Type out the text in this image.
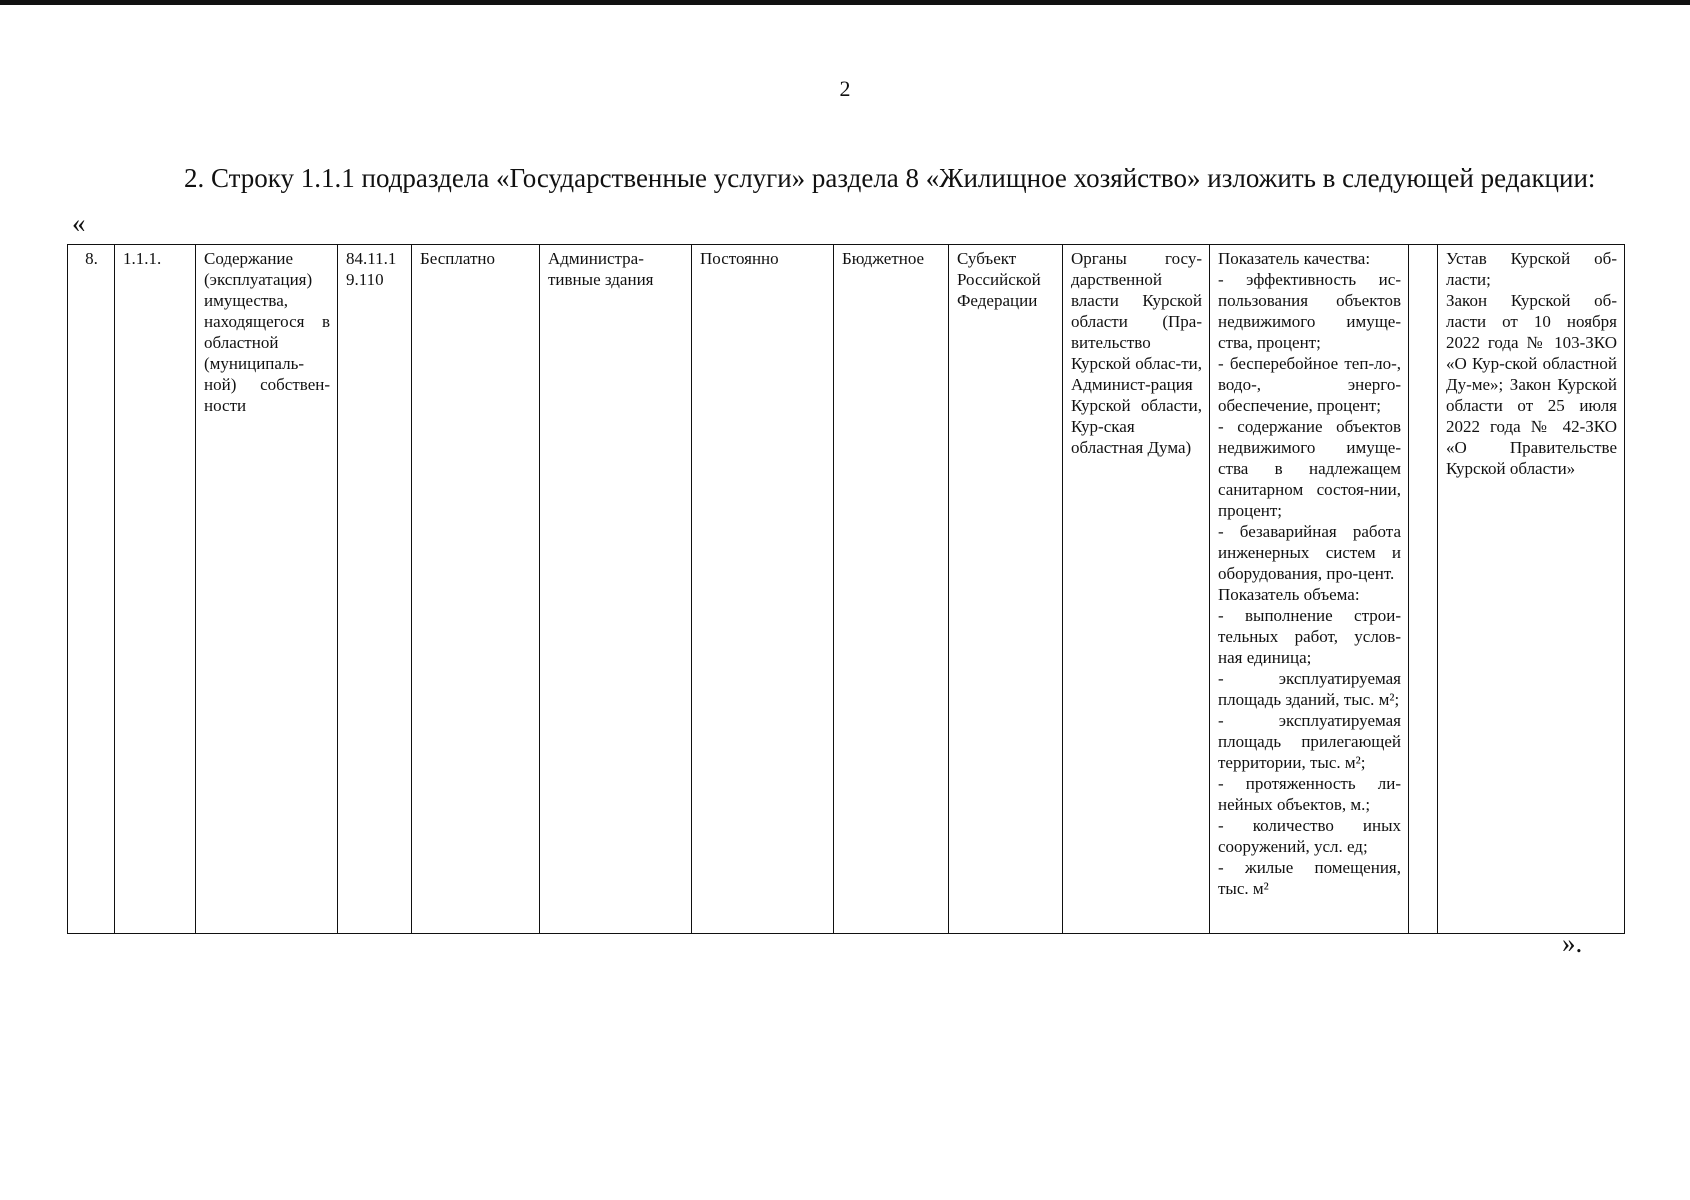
2

2. Строку 1.1.1 подраздела «Государственные услуги» раздела 8 «Жилищное хозяйство» изложить в следующей редакции:

«
8.	1.1.1.	Содержание (эксплуатация) имущества, находящегося в областной (муниципаль-ной) собствен-ности	84.11.1 9.110	Бесплатно	Администра-тивные здания	Постоянно	Бюджетное	Субъект Российской Федерации	Органы госу-дарственной власти Курской области (Пра-вительство Курской облас-ти, Админист-рация Курской области, Кур-ская областная Дума)	Показатель качества:
- эффективность ис-пользования объектов недвижимого имуще-ства, процент;
- бесперебойное теп-ло-, водо-, энерго-обеспечение, процент;
- содержание объектов недвижимого имуще-ства в надлежащем санитарном состоя-нии, процент;
- безаварийная работа инженерных систем и оборудования, про-цент.
Показатель объема:
- выполнение строи-тельных работ, услов-ная единица;
- эксплуатируемая площадь зданий, тыс. м²;
- эксплуатируемая площадь прилегающей территории, тыс. м²;
- протяженность ли-нейных объектов, м.;
- количество иных сооружений, усл. ед;
- жилые помещения, тыс. м²		Устав Курской об-ласти;
Закон Курской об-ласти от 10 ноября 2022 года № 103-ЗКО «О Кур-ской областной Ду-ме»; Закон Курской области от 25 июля 2022 года № 42-ЗКО «О Правительстве Курской области»
».
